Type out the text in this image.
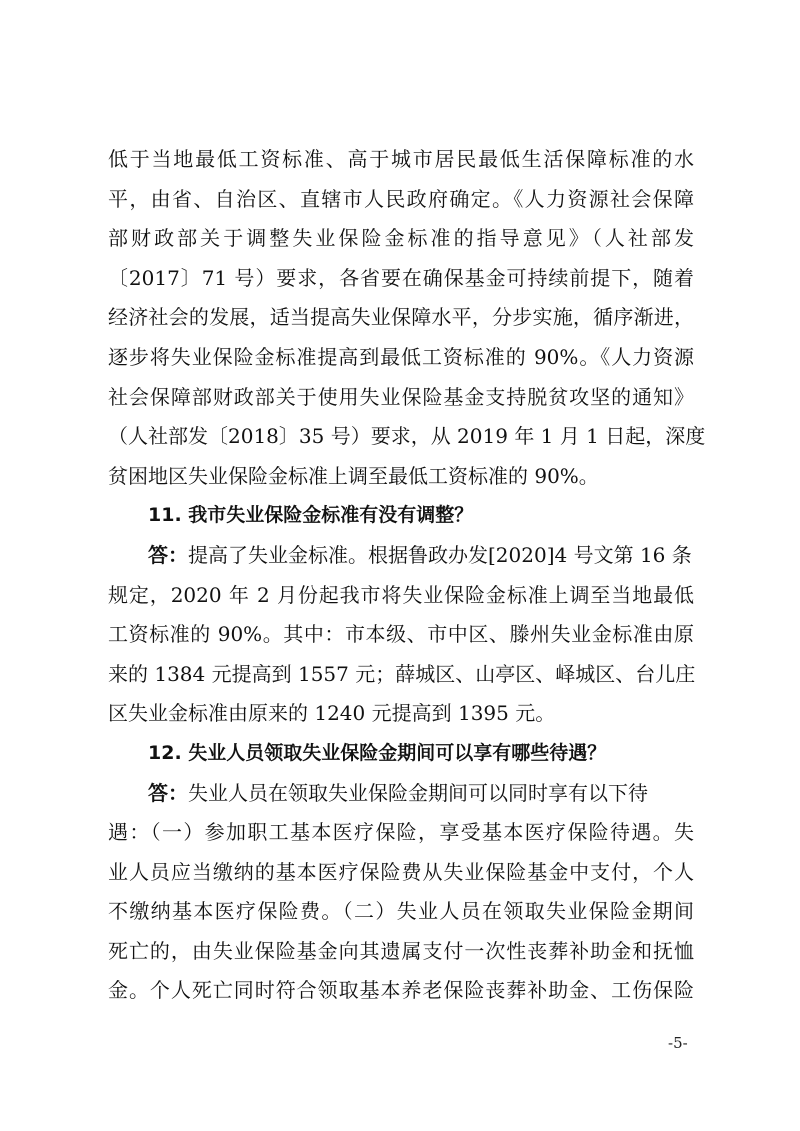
低于当地最低工资标准、高于城市居民最低生活保障标准的水
平，由省、自治区、直辖市人民政府确定。《人力资源社会保障
部财政部关于调整失业保险金标准的指导意见》（人社部发
〔2017〕71 号）要求，各省要在确保基金可持续前提下，随着
经济社会的发展，适当提高失业保障水平，分步实施，循序渐进，
逐步将失业保险金标准提高到最低工资标准的 90%。《人力资源
社会保障部财政部关于使用失业保险基金支持脱贫攻坚的通知》
（人社部发〔2018〕35 号）要求，从 2019 年 1 月 1 日起，深度
贫困地区失业保险金标准上调至最低工资标准的 90%。
11. 我市失业保险金标准有没有调整？
答：提高了失业金标准。根据鲁政办发[2020]4 号文第 16 条
规定，2020 年 2 月份起我市将失业保险金标准上调至当地最低
工资标准的 90%。其中：市本级、市中区、滕州失业金标准由原
来的 1384 元提高到 1557 元；薛城区、山亭区、峄城区、台儿庄
区失业金标准由原来的 1240 元提高到 1395 元。
12. 失业人员领取失业保险金期间可以享有哪些待遇？
答：失业人员在领取失业保险金期间可以同时享有以下待
遇：（一）参加职工基本医疗保险，享受基本医疗保险待遇。失
业人员应当缴纳的基本医疗保险费从失业保险基金中支付，个人
不缴纳基本医疗保险费。（二）失业人员在领取失业保险金期间
死亡的，由失业保险基金向其遗属支付一次性丧葬补助金和抚恤
金。个人死亡同时符合领取基本养老保险丧葬补助金、工伤保险
-5-
